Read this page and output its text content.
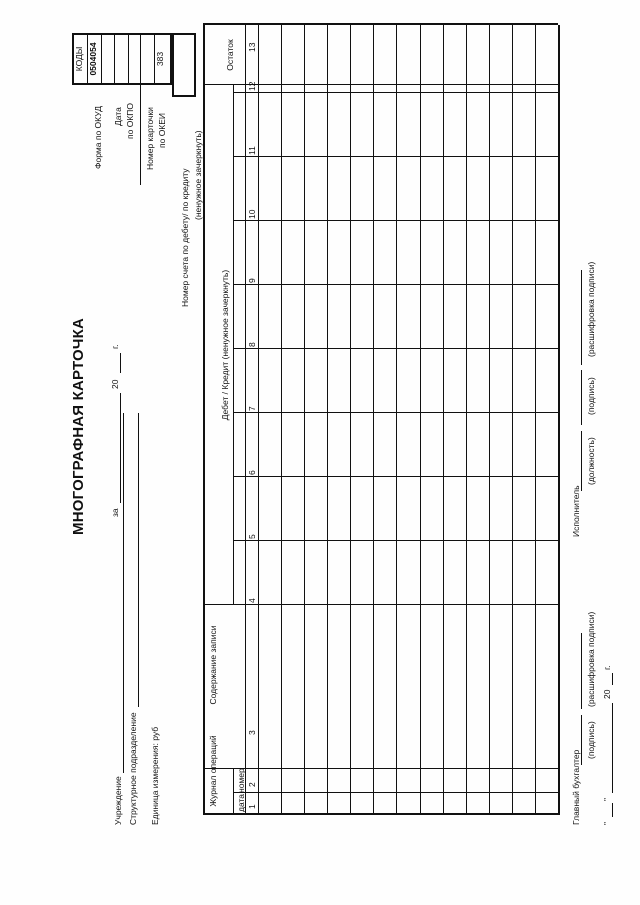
МНОГОГРАФНАЯ КАРТОЧКА	за
20
г.
Учреждение Структурное подразделение Единица измерения: руб
Форма по ОКУД Дата по ОКПО Номер карточки по ОКЕИ
КОДЫ 0504054	383
Номер счета по дебету/ по кредиту (ненужное зачеркнуть)
Журнал операций дата
номер
Содержание записи
Дебет / Кредит (ненужное зачеркнуть)
Остаток
1
2
3
4
5
6
7
8
9
10
11
12
13
Главный бухгалтер
(подпись)
(расшифровка подписи)
Исполнитель
(должность)
(подпись)
(расшифровка подписи)
"
"
20
г.
